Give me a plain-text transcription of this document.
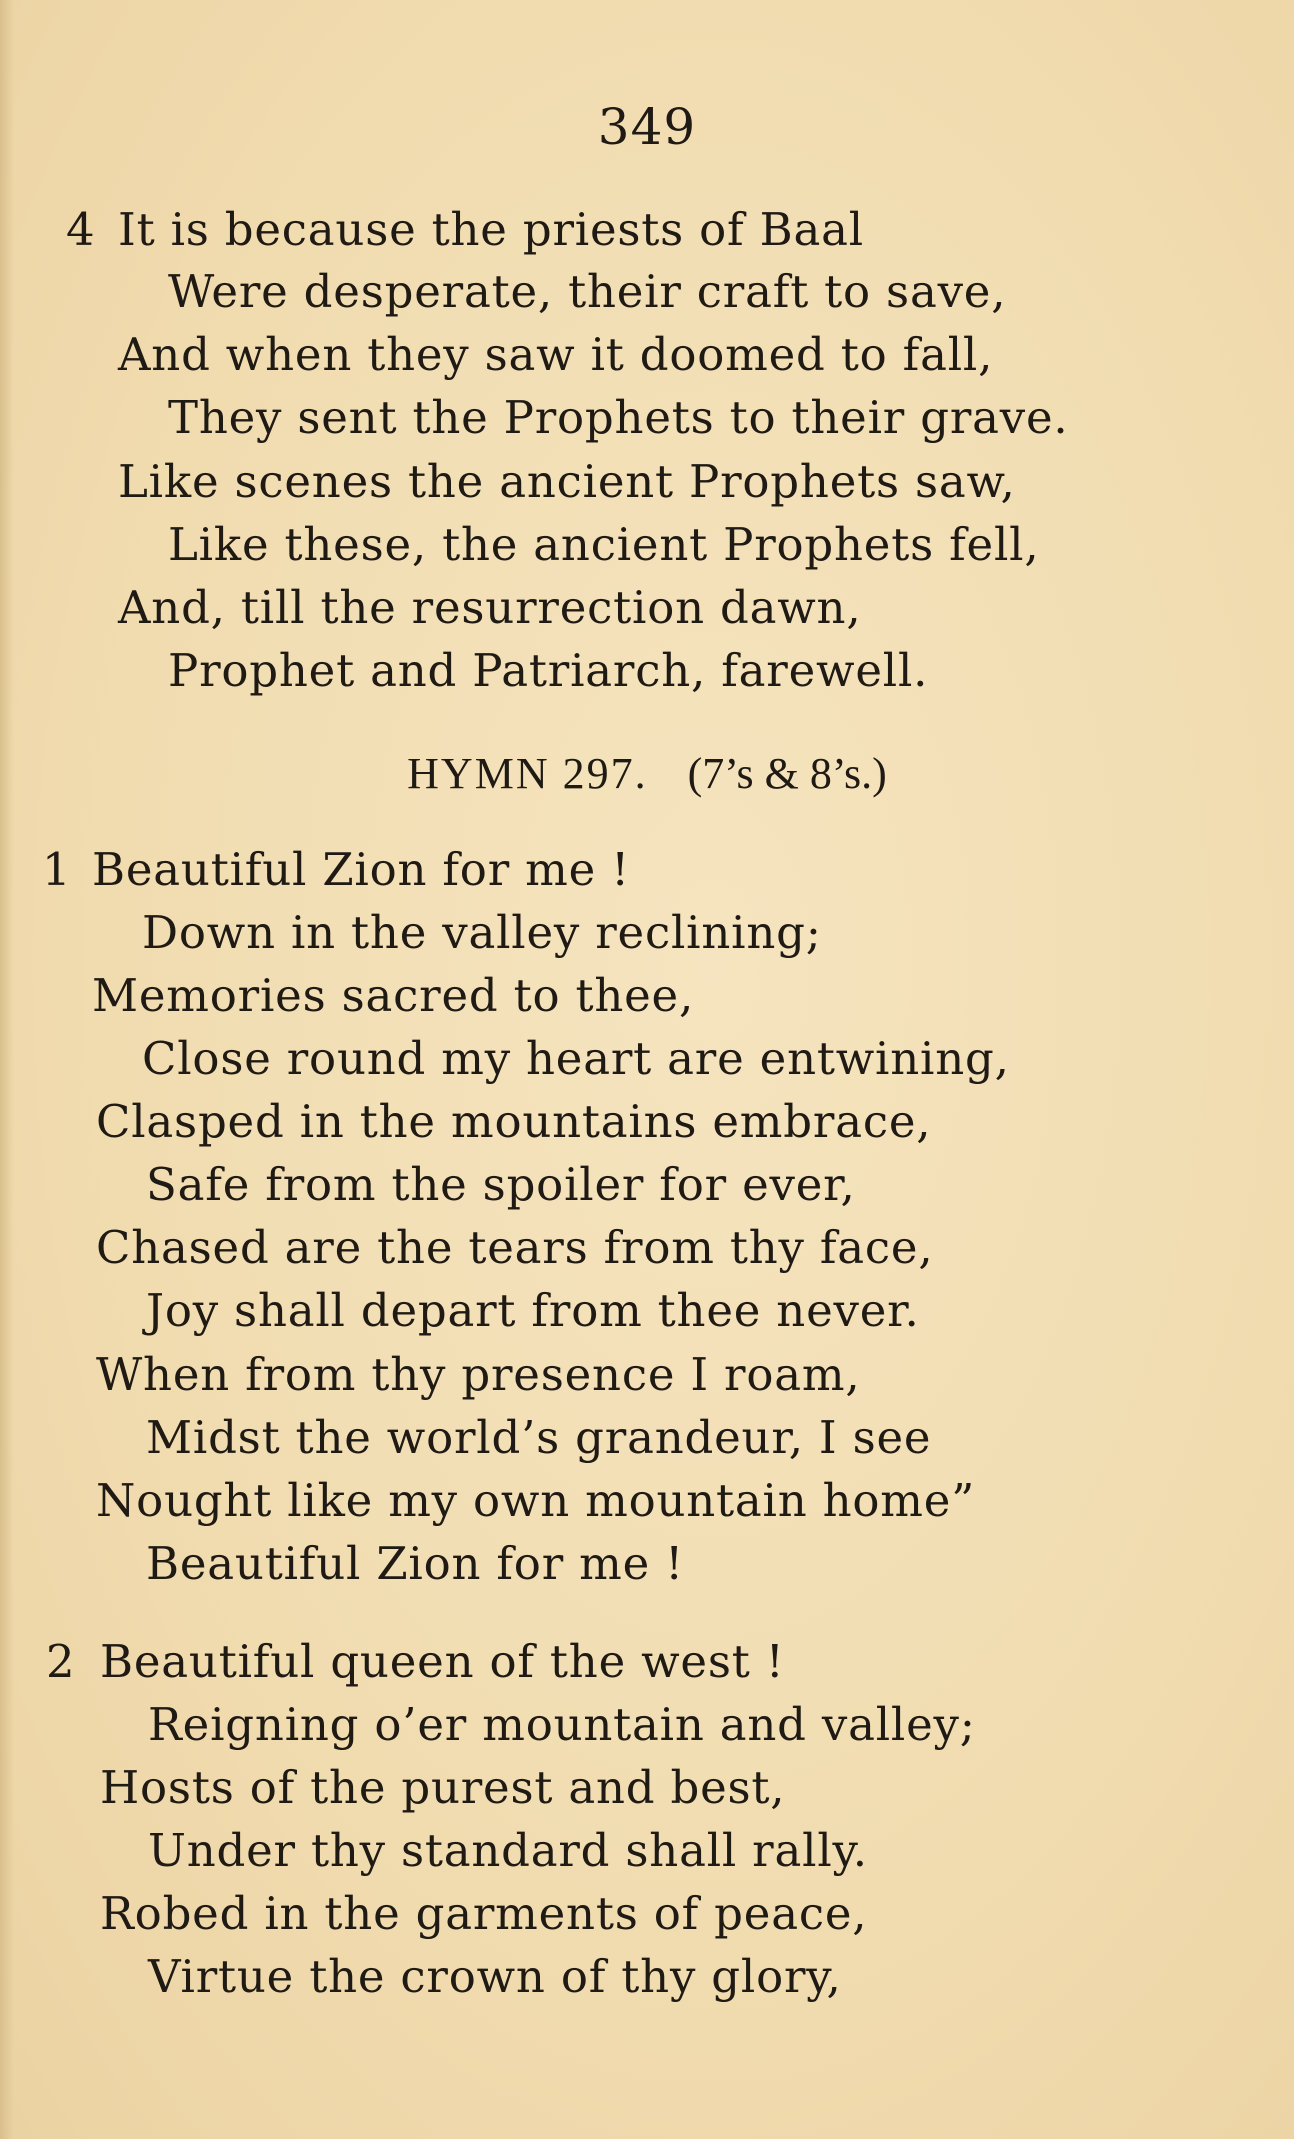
349
4 It is because the priests of Baal
Were desperate, their craft to save,
And when they saw it doomed to fall,
They sent the Prophets to their grave.
Like scenes the ancient Prophets saw,
Like these, the ancient Prophets fell,
And, till the resurrection dawn,
Prophet and Patriarch, farewell.
HYMN 297. (7’s & 8’s.)
1 Beautiful Zion for me !
Down in the valley reclining;
Memories sacred to thee,
Close round my heart are entwining,
Clasped in the mountains embrace,
Safe from the spoiler for ever,
Chased are the tears from thy face,
Joy shall depart from thee never.
When from thy presence I roam,
Midst the world’s grandeur, I see
Nought like my own mountain home”
Beautiful Zion for me !
2 Beautiful queen of the west !
Reigning o’er mountain and valley;
Hosts of the purest and best,
Under thy standard shall rally.
Robed in the garments of peace,
Virtue the crown of thy glory,
